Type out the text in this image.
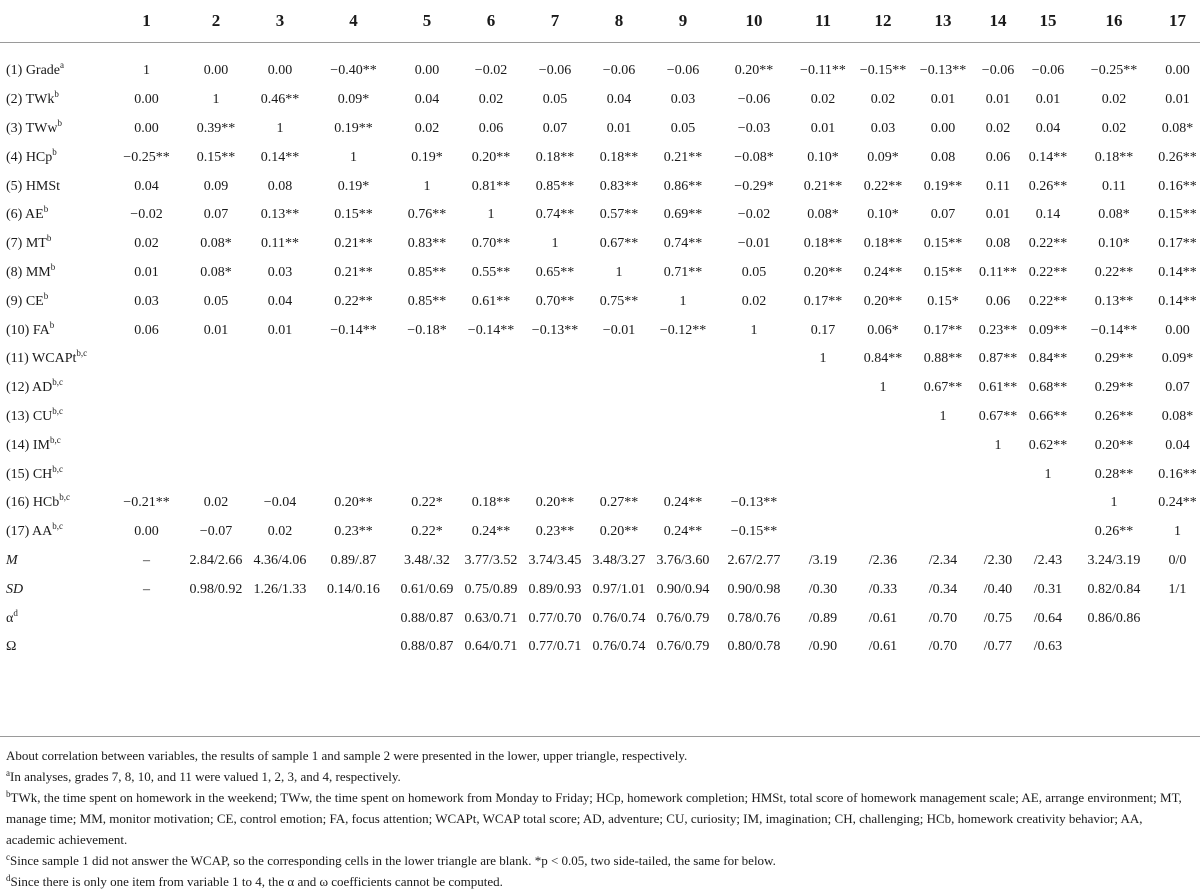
	1	2	3	4	5	6	7	8	9	10	11	12	13	14	15	16	17
(1) Grade$^a$	1	0.00	0.00	−0.40**	0.00	−0.02	−0.06	−0.06	−0.06	0.20**	−0.11**	−0.15**	−0.13**	−0.06	−0.06	−0.25**	0.00
(2) TWk$^b$	0.00	1	0.46**	0.09*	0.04	0.02	0.05	0.04	0.03	−0.06	0.02	0.02	0.01	0.01	0.01	0.02	0.01
(3) TWw$^b$	0.00	0.39**	1	0.19**	0.02	0.06	0.07	0.01	0.05	−0.03	0.01	0.03	0.00	0.02	0.04	0.02	0.08*
(4) HCp$^b$	−0.25**	0.15**	0.14**	1	0.19*	0.20**	0.18**	0.18**	0.21**	−0.08*	0.10*	0.09*	0.08	0.06	0.14**	0.18**	0.26**
(5) HMSt	0.04	0.09	0.08	0.19*	1	0.81**	0.85**	0.83**	0.86**	−0.29*	0.21**	0.22**	0.19**	0.11	0.26**	0.11	0.16**
(6) $AE^b$	−0.02	0.07	0.13**	0.15**	0.76**	1	0.74**	0.57**	0.69**	−0.02	0.08*	0.10*	0.07	0.01	0.14	0.08*	0.15**
(7) $MT^b$	0.02	0.08*	0.11**	0.21**	0.83**	0.70**	1	0.67**	0.74**	−0.01	0.18**	0.18**	0.15**	0.08	0.22**	0.10*	0.17**
(8) $MM^b$	0.01	0.08*	0.03	0.21**	0.85**	0.55**	0.65**	1	0.71**	0.05	0.20**	0.24**	0.15**	0.11**	0.22**	0.22**	0.14**
(9) $CE^b$	0.03	0.05	0.04	0.22**	0.85**	0.61**	0.70**	0.75**	1	0.02	0.17**	0.20**	0.15*	0.06	0.22**	0.13**	0.14**
(10) $FA^b$	0.06	0.01	0.01	−0.14**	−0.18*	−0.14**	−0.13**	−0.01	−0.12**	1	0.17	0.06*	0.17**	0.23**	0.09**	−0.14**	0.00
(11) WCAPt$^{b,c}$											1	0.84**	0.88**	0.87**	0.84**	0.29**	0.09*
(12) AD$^{b,c}$												1	0.67**	0.61**	0.68**	0.29**	0.07
(13) CU$^{b,c}$													1	0.67**	0.66**	0.26**	0.08*
(14) IM$^{b,c}$														1	0.62**	0.20**	0.04
(15) CH$^{b,c}$															1	0.28**	0.16**
(16) HCb$^{b,c}$	−0.21**	0.02	−0.04	0.20**	0.22*	0.18**	0.20**	0.27**	0.24**	−0.13**						1	0.24**
(17) AA$^{b,c}$	0.00	−0.07	0.02	0.23**	0.22*	0.24**	0.23**	0.20**	0.24**	−0.15**						0.26**	1
M	–	2.84/2.66	4.36/4.06	0.89/.87	3.48/.32	3.77/3.52	3.74/3.45	3.48/3.27	3.76/3.60	2.67/2.77	/3.19	/2.36	/2.34	/2.30	/2.43	3.24/3.19	0/0
SD	–	0.98/0.92	1.26/1.33	0.14/0.16	0.61/0.69	0.75/0.89	0.89/0.93	0.97/1.01	0.90/0.94	0.90/0.98	/0.30	/0.33	/0.34	/0.40	/0.31	0.82/0.84	1/1
$\alpha^d$					0.88/0.87	0.63/0.71	0.77/0.70	0.76/0.74	0.76/0.79	0.78/0.76	/0.89	/0.61	/0.70	/0.75	/0.64	0.86/0.86	
Ω					0.88/0.87	0.64/0.71	0.77/0.71	0.76/0.74	0.76/0.79	0.80/0.78	/0.90	/0.61	/0.70	/0.77	/0.63		

About correlation between variables, the results of sample 1 and sample 2 were presented in the lower, upper triangle, respectively.

$^a$In analyses, grades 7, 8, 10, and 11 were valued 1, 2, 3, and 4, respectively.

$^b$TWk, the time spent on homework in the weekend; TWw, the time spent on homework from Monday to Friday; HCp, homework completion; HMSt, total score of homework management scale; AE, arrange environment; MT, manage time; MM, monitor motivation; CE, control emotion; FA, focus attention; WCAPt, WCAP total score; AD, adventure; CU, curiosity; IM, imagination; CH, challenging; HCb, homework creativity behavior; AA, academic achievement.

$^c$Since sample 1 did not answer the WCAP, so the corresponding cells in the lower triangle are blank. *p < 0.05, two side-tailed, the same for below.

$^d$Since there is only one item from variable 1 to 4, the α and ω coefficients cannot be computed.
